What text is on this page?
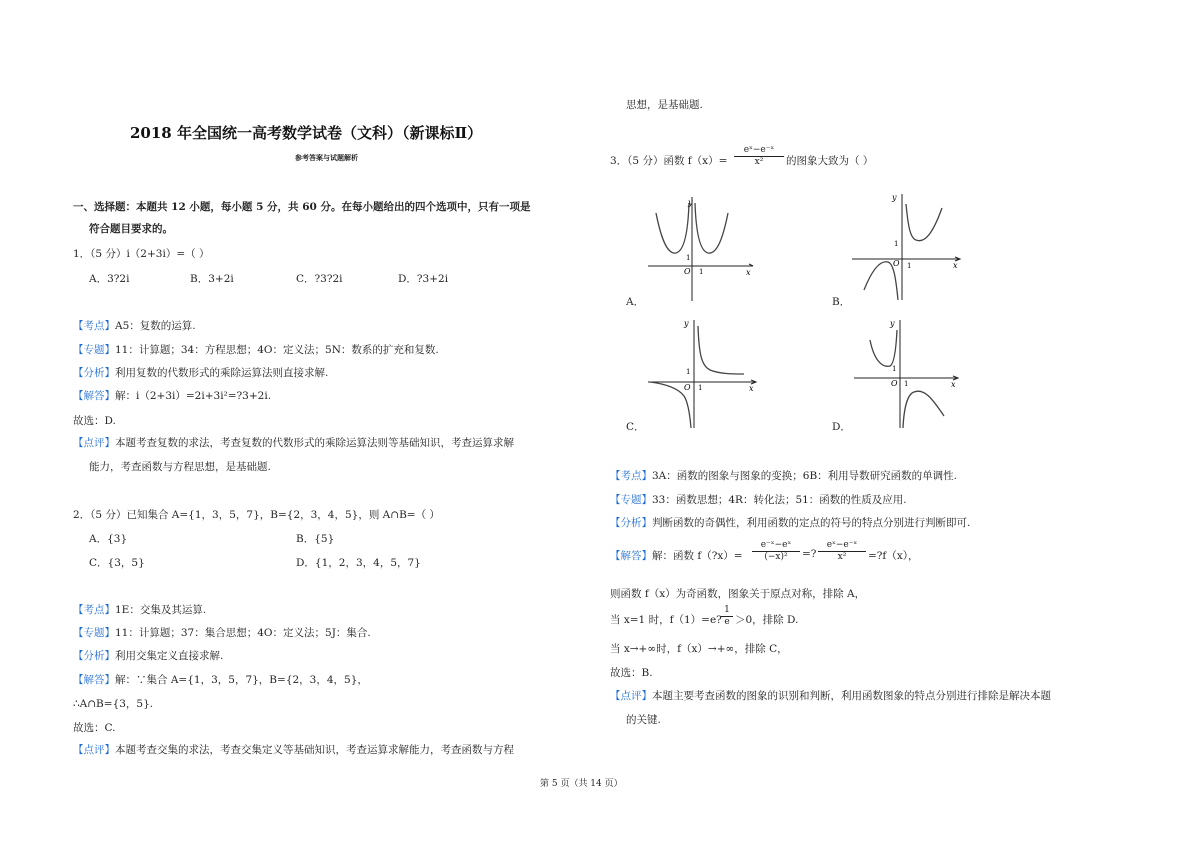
2018 年全国统一高考数学试卷（文科）（新课标Ⅱ）
参考答案与试题解析
一、选择题：本题共 12 小题，每小题 5 分，共 60 分。在每小题给出的四个选项中，只有一项是
符合题目要求的。
1．（5 分）i（2+3i）=（ ）
A．3?2i	B．3+2i	C．?3?2i	D．?3+2i
【考点】A5：复数的运算.
【专题】11：计算题；34：方程思想；4O：定义法；5N：数系的扩充和复数.
【分析】利用复数的代数形式的乘除运算法则直接求解.
【解答】解：i（2+3i）=2i+3i²=?3+2i.
故选：D.
【点评】本题考查复数的求法，考查复数的代数形式的乘除运算法则等基础知识，考查运算求解
能力，考查函数与方程思想，是基础题.
2．（5 分）已知集合 A={1，3，5，7}，B={2，3，4，5}，则 A∩B=（ ）
A．{3}	B．{5}
C．{3，5}	D．{1，2，3，4，5，7}
【考点】1E：交集及其运算.
【专题】11：计算题；37：集合思想；4O：定义法；5J：集合.
【分析】利用交集定义直接求解.
【解答】解：∵集合 A={1，3，5，7}，B={2，3，4，5}，
∴A∩B={3，5}.
故选：C.
【点评】本题考查交集的求法，考查交集定义等基础知识，考查运算求解能力，考查函数与方程
思想，是基础题.
3．（5 分）函数 $f(x)= \frac{\text{eˣ−e⁻ˣ}}{\text{x²}}$ 的图象大致为（ ）
y
x
O
1
1
A．
y
x
O
1
1
B．
y
x
O
1
1
C．
y
x
O
1
1
D．
【考点】3A：函数的图象与图象的变换；6B：利用导数研究函数的单调性.
【专题】33：函数思想；4R：转化法；51：函数的性质及应用.
【分析】判断函数的奇偶性，利用函数的定点的符号的特点分别进行判断即可.
【解答】解：函数 f（?x）= $\frac{\text{e⁻ˣ−eˣ}}{\text{(−x)²}}$ =? $\frac{\text{eˣ−e⁻ˣ}}{\text{x²}}$ =?f（x），
则函数 f（x）为奇函数，图象关于原点对称，排除 A，
当 x=1 时，f（1）=e? $\frac{1}{e} >0$，排除 D.
当 x→+∞时，f（x）→+∞，排除 C，
故选：B.
【点评】本题主要考查函数的图象的识别和判断，利用函数图象的特点分别进行排除是解决本题
的关键.
第 5 页（共 14 页）
